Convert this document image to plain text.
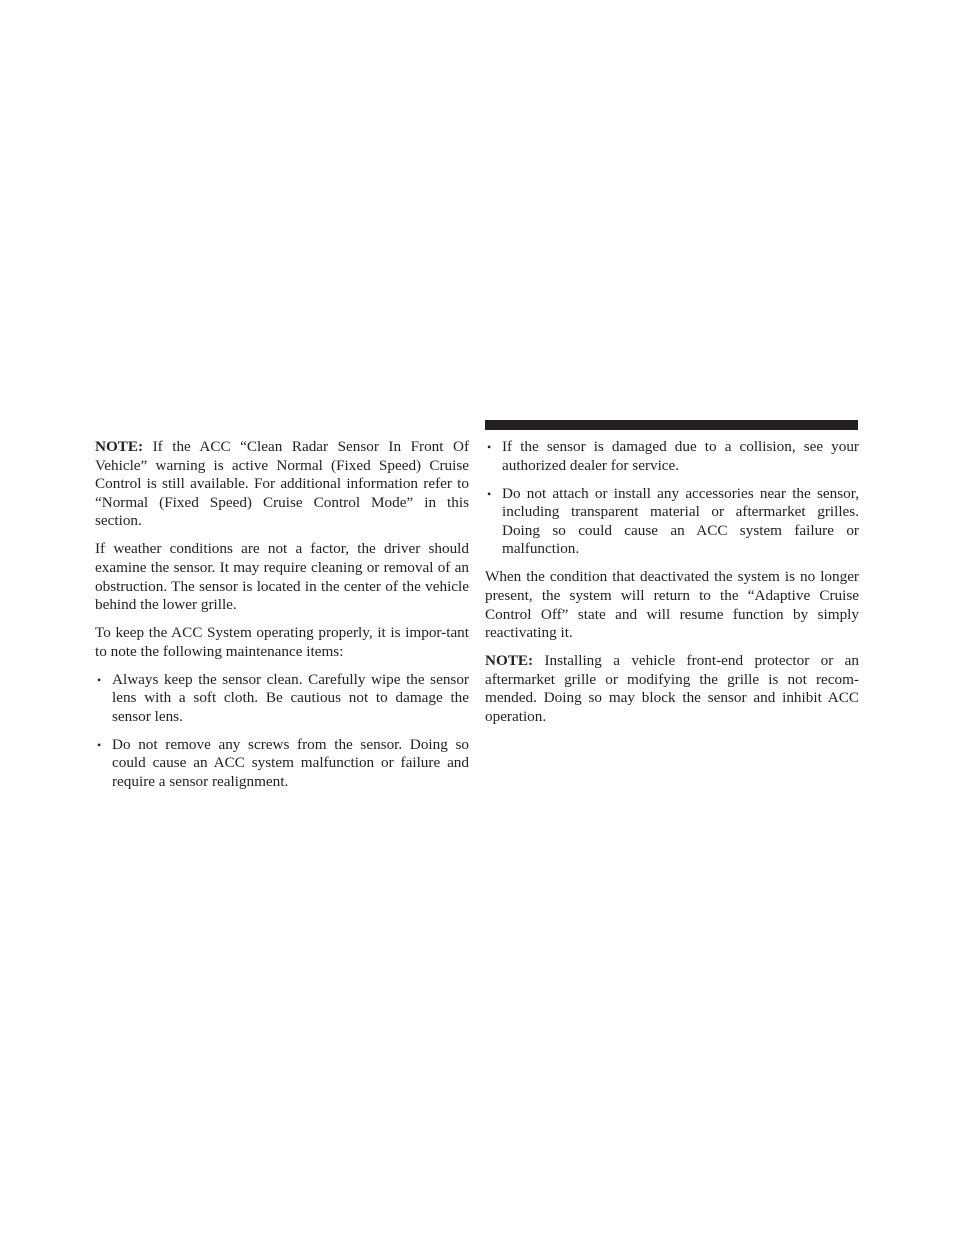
NOTE: If the ACC “Clean Radar Sensor In Front Of Vehicle” warning is active Normal (Fixed Speed) Cruise Control is still available. For additional information refer to “Normal (Fixed Speed) Cruise Control Mode” in this section.

If weather conditions are not a factor, the driver should examine the sensor. It may require cleaning or removal of an obstruction. The sensor is located in the center of the vehicle behind the lower grille.

To keep the ACC System operating properly, it is impor-tant to note the following maintenance items:

• Always keep the sensor clean. Carefully wipe the sensor lens with a soft cloth. Be cautious not to damage the sensor lens.
• Do not remove any screws from the sensor. Doing so could cause an ACC system malfunction or failure and require a sensor realignment.
• If the sensor is damaged due to a collision, see your authorized dealer for service.
• Do not attach or install any accessories near the sensor, including transparent material or aftermarket grilles. Doing so could cause an ACC system failure or malfunction.

When the condition that deactivated the system is no longer present, the system will return to the “Adaptive Cruise Control Off” state and will resume function by simply reactivating it.

NOTE: Installing a vehicle front-end protector or an aftermarket grille or modifying the grille is not recom-mended. Doing so may block the sensor and inhibit ACC operation.
